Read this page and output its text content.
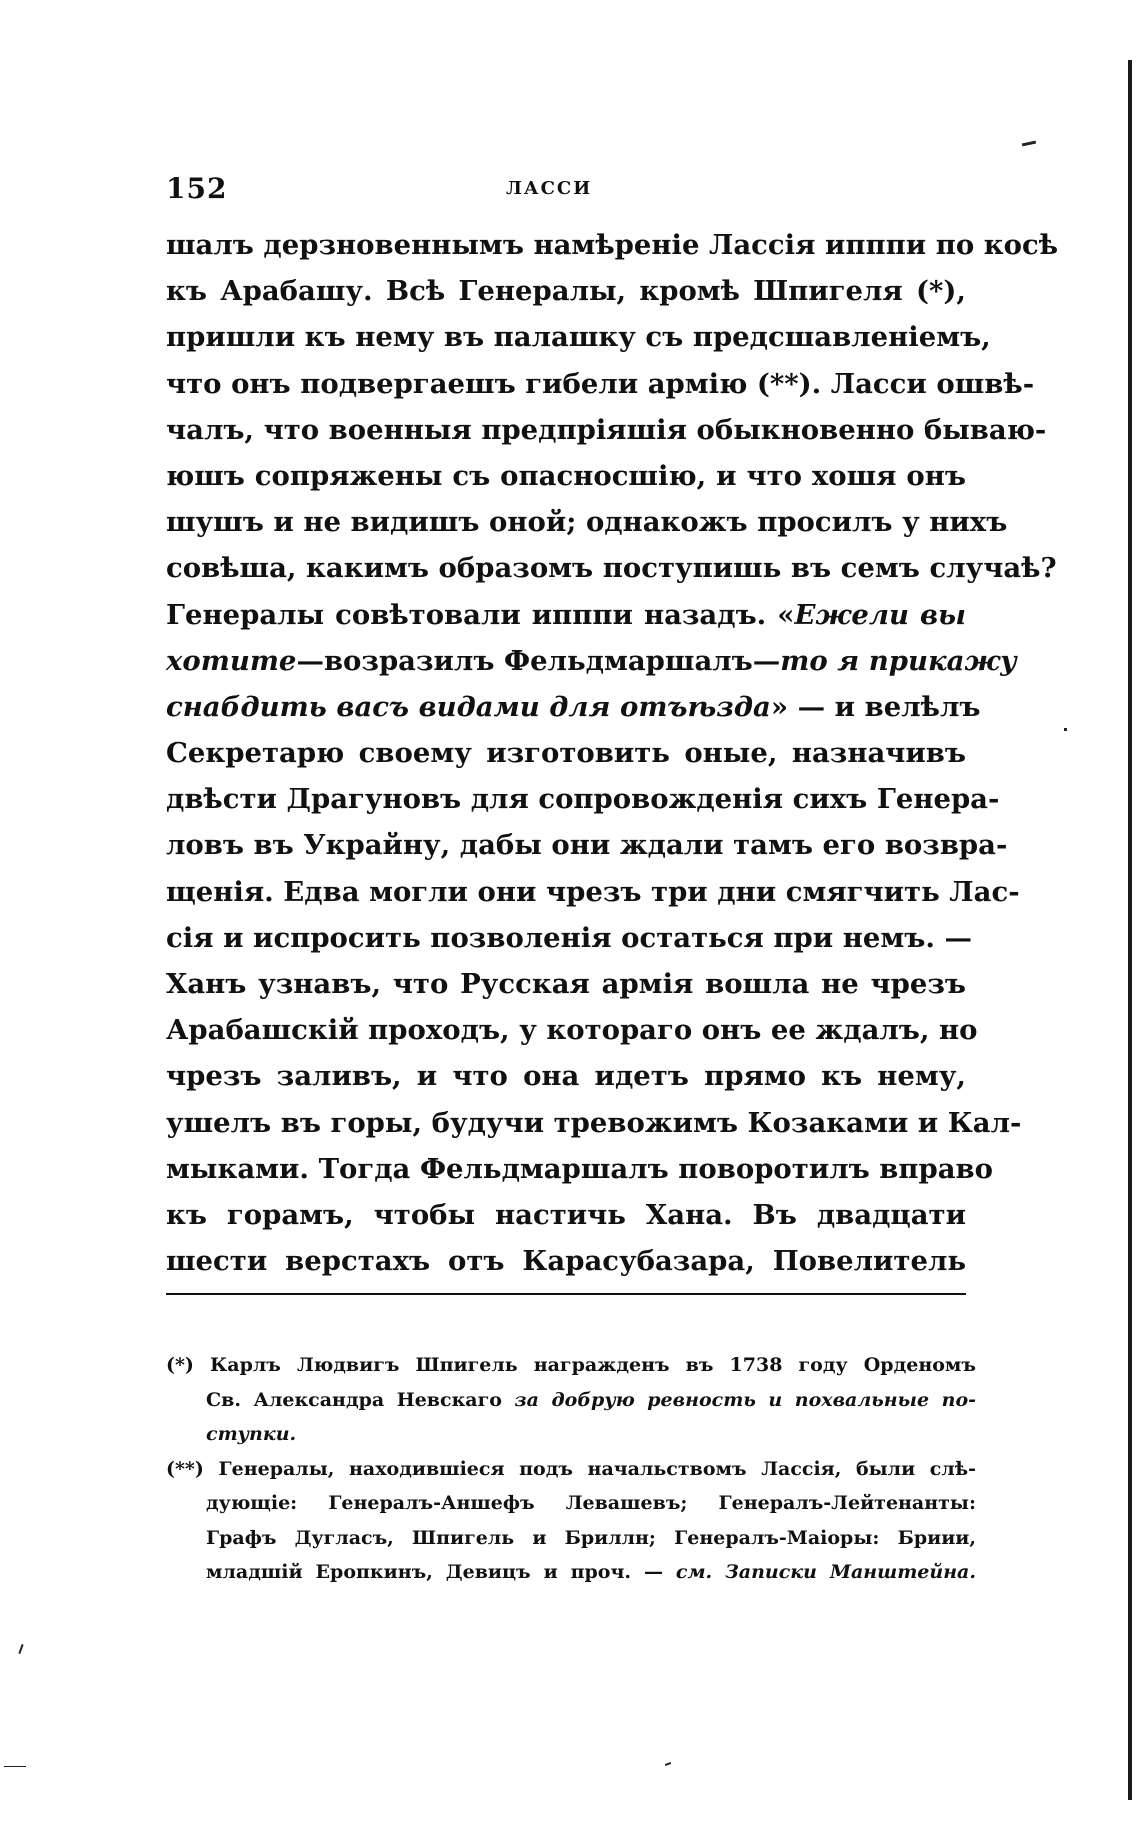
152	ЛАССИ
шалъ дерзновеннымъ намѣреніе Лассія ипппи по косѣ
къ Арабашу. Всѣ Генералы, кромѣ Шпигеля (*),
пришли къ нему въ палашку съ предсшавленіемъ,
что онъ подвергаешъ гибели армію (**). Ласси ошвѣ-
чалъ, что военныя предпріяшія обыкновенно бываю-
юшъ сопряжены съ опасносшію, и что хошя онъ
шушъ и не видишъ оной; однакожъ просилъ у нихъ
совѣша, какимъ образомъ поступишь въ семъ случаѣ?
Генералы совѣтовали ипппи назадъ. «Ежели вы
хотите—возразилъ Фельдмаршалъ—то я прикажу
снабдить васъ видами для отъѣзда» — и велѣлъ
Секретарю своему изготовить оные, назначивъ
двѣсти Драгуновъ для сопровожденія сихъ Генера-
ловъ въ Украйну, дабы они ждали тамъ его возвра-
щенія. Едва могли они чрезъ три дни смягчить Лас-
сія и испросить позволенія остаться при немъ. —
Ханъ узнавъ, что Русская армія вошла не чрезъ
Арабашскій проходъ, у котораго онъ ее ждалъ, но
чрезъ заливъ, и что она идетъ прямо къ нему,
ушелъ въ горы, будучи тревожимъ Козаками и Кал-
мыками. Тогда Фельдмаршалъ поворотилъ вправо
къ горамъ, чтобы настичь Хана. Въ двадцати
шести верстахъ отъ Карасубазара, Повелитель
(*) Карлъ Людвигъ Шпигель награжденъ въ 1738 году Орденомъ
Св. Александра Невскаго за добрую ревность и похвальные по-
ступки.
(**) Генералы, находившіеся подъ начальствомъ Лассія, были слѣ-
дующіе: Генералъ-Аншефъ Левашевъ; Генералъ-Лейтенанты:
Графъ Дугласъ, Шпигель и Бриллн; Генералъ-Маіоры: Бриии,
младшій Еропкинъ, Девицъ и проч. — см. Записки Манштейна.
